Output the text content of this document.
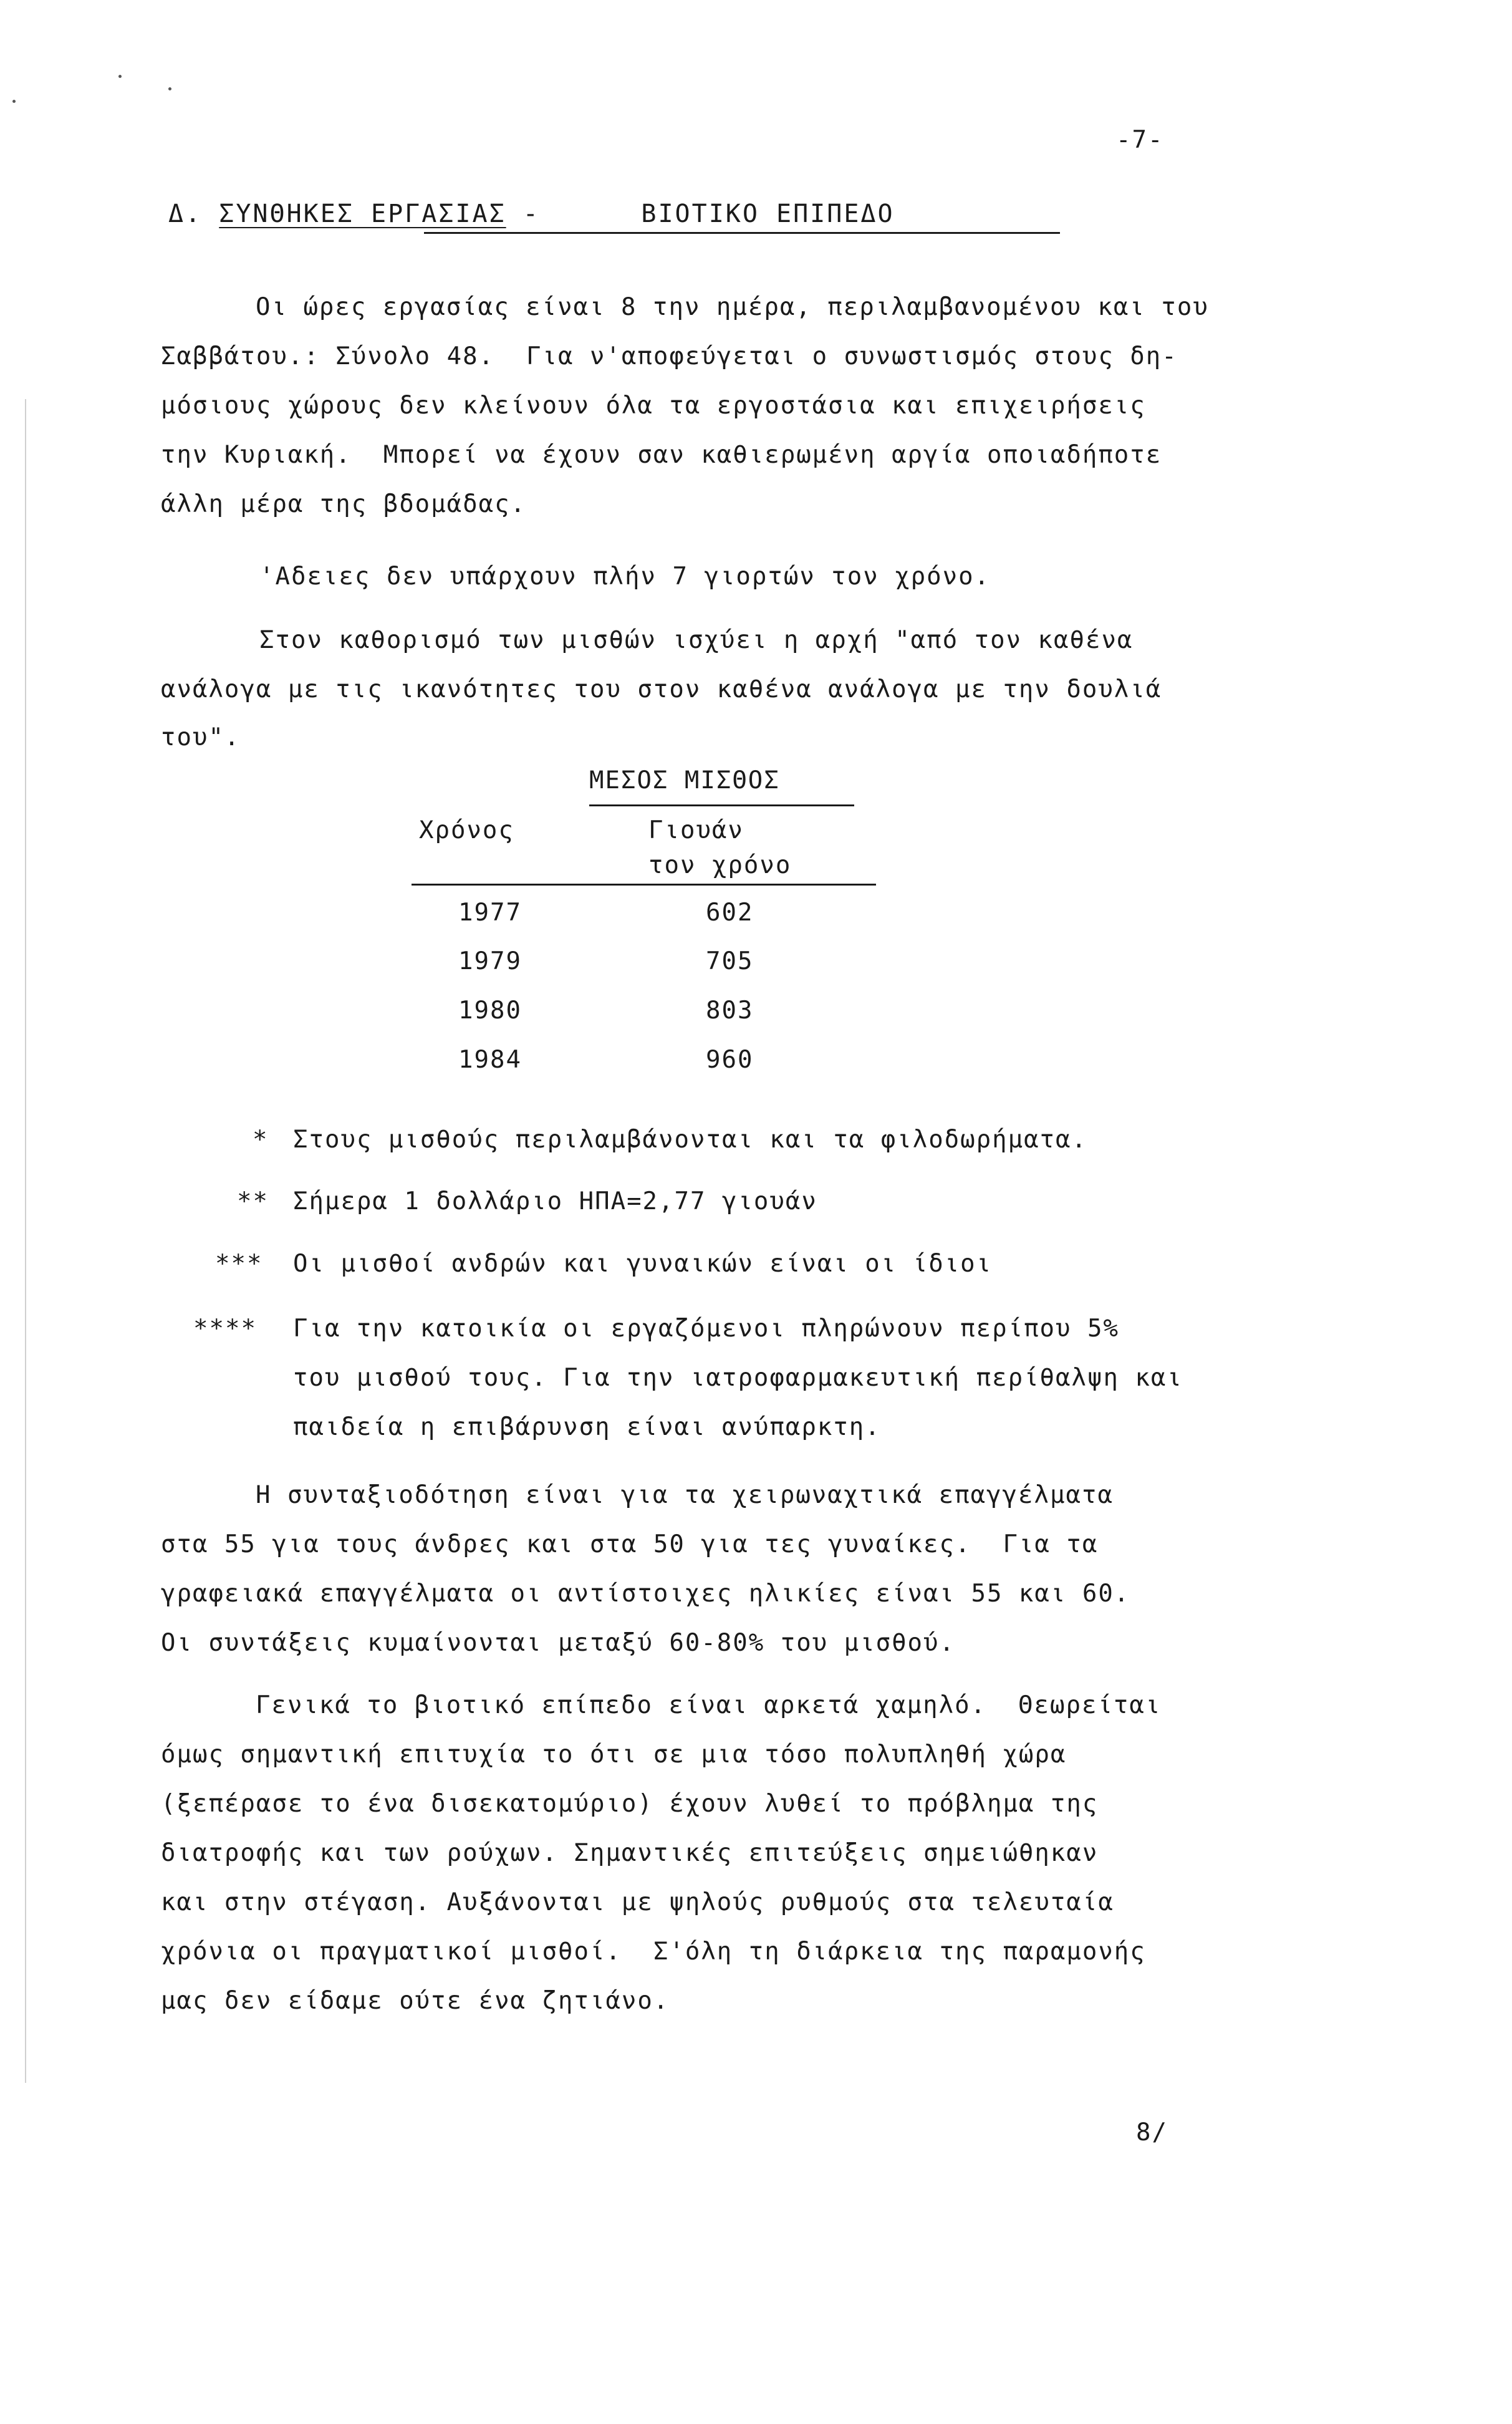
-7-
Δ. ΣΥΝΘΗΚΕΣ ΕΡΓΑΣΙΑΣ -	ΒΙΟΤΙΚΟ ΕΠΙΠΕΔΟ
Οι ώρες εργασίας είναι 8 την ημέρα, περιλαμβανομένου και του
Σαββάτου.: Σύνολο 48.  Για ν'αποφεύγεται ο συνωστισμός στους δη-
μόσιους χώρους δεν κλείνουν όλα τα εργοστάσια και επιχειρήσεις
την Κυριακή.  Μπορεί να έχουν σαν καθιερωμένη αργία οποιαδήποτε
άλλη μέρα της βδομάδας.
'Αδειες δεν υπάρχουν πλήν 7 γιορτών τον χρόνο.
Στον καθορισμό των μισθών ισχύει η αρχή "από τον καθένα
ανάλογα με τις ικανότητες του στον καθένα ανάλογα με την δουλιά
του".
ΜΕΣΟΣ ΜΙΣΘΟΣ
Χρόνος	Γιουάν
τον χρόνο
1977	602
1979	705
1980	803
1984	960
* Στους μισθούς περιλαμβάνονται και τα φιλοδωρήματα.
** Σήμερα 1 δολλάριο ΗΠΑ=2,77 γιουάν
*** Οι μισθοί ανδρών και γυναικών είναι οι ίδιοι
**** Για την κατοικία οι εργαζόμενοι πληρώνουν περίπου 5%
του μισθού τους. Για την ιατροφαρμακευτική περίθαλψη και
παιδεία η επιβάρυνση είναι ανύπαρκτη.
Η συνταξιοδότηση είναι για τα χειρωναχτικά επαγγέλματα
στα 55 για τους άνδρες και στα 50 για τες γυναίκες.  Για τα
γραφειακά επαγγέλματα οι αντίστοιχες ηλικίες είναι 55 και 60.
Οι συντάξεις κυμαίνονται μεταξύ 60-80% του μισθού.
Γενικά το βιοτικό επίπεδο είναι αρκετά χαμηλό.  Θεωρείται
όμως σημαντική επιτυχία το ότι σε μια τόσο πολυπληθή χώρα
(ξεπέρασε το ένα δισεκατομύριο) έχουν λυθεί το πρόβλημα της
διατροφής και των ρούχων. Σημαντικές επιτεύξεις σημειώθηκαν
και στην στέγαση. Αυξάνονται με ψηλούς ρυθμούς στα τελευταία
χρόνια οι πραγματικοί μισθοί.  Σ'όλη τη διάρκεια της παραμονής
μας δεν είδαμε ούτε ένα ζητιάνο.
8/
